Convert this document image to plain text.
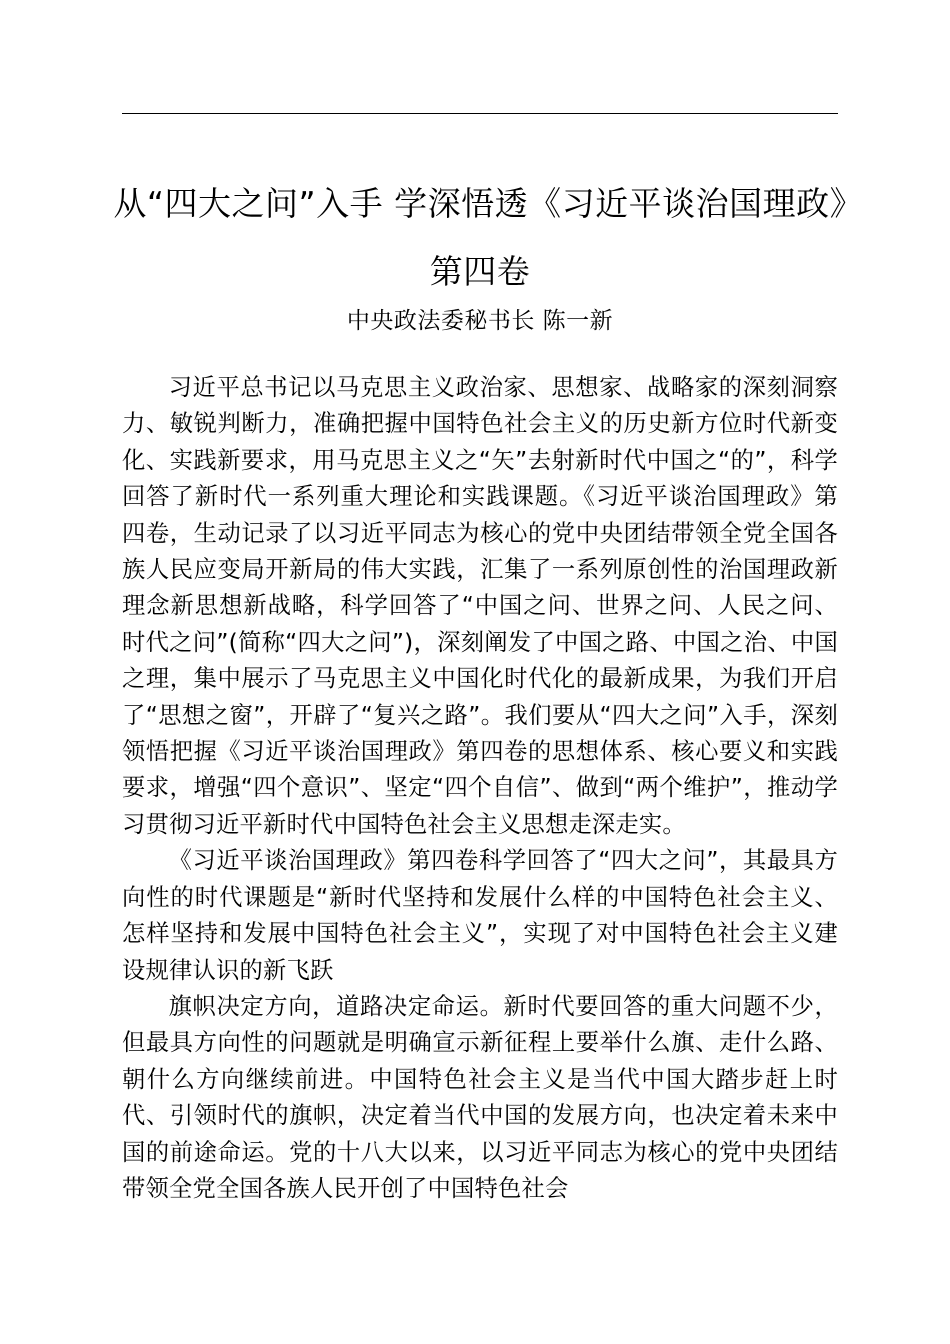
从“四大之问”入手 学深悟透《习近平谈治国理政》第四卷
中央政法委秘书长 陈一新

习近平总书记以马克思主义政治家、思想家、战略家的深刻洞察力、敏锐判断力，准确把握中国特色社会主义的历史新方位时代新变化、实践新要求，用马克思主义之“矢”去射新时代中国之“的”，科学回答了新时代一系列重大理论和实践课题。《习近平谈治国理政》第四卷，生动记录了以习近平同志为核心的党中央团结带领全党全国各族人民应变局开新局的伟大实践，汇集了一系列原创性的治国理政新理念新思想新战略，科学回答了“中国之问、世界之问、人民之问、时代之问”(简称“四大之问”)，深刻阐发了中国之路、中国之治、中国之理，集中展示了马克思主义中国化时代化的最新成果，为我们开启了“思想之窗”，开辟了“复兴之路”。我们要从“四大之问”入手，深刻领悟把握《习近平谈治国理政》第四卷的思想体系、核心要义和实践要求，增强“四个意识”、坚定“四个自信”、做到“两个维护”，推动学习贯彻习近平新时代中国特色社会主义思想走深走实。

《习近平谈治国理政》第四卷科学回答了“四大之问”，其最具方向性的时代课题是“新时代坚持和发展什么样的中国特色社会主义、怎样坚持和发展中国特色社会主义”，实现了对中国特色社会主义建设规律认识的新飞跃

旗帜决定方向，道路决定命运。新时代要回答的重大问题不少，但最具方向性的问题就是明确宣示新征程上要举什么旗、走什么路、朝什么方向继续前进。中国特色社会主义是当代中国大踏步赶上时代、引领时代的旗帜，决定着当代中国的发展方向，也决定着未来中国的前途命运。党的十八大以来，以习近平同志为核心的党中央团结带领全党全国各族人民开创了中国特色社会
